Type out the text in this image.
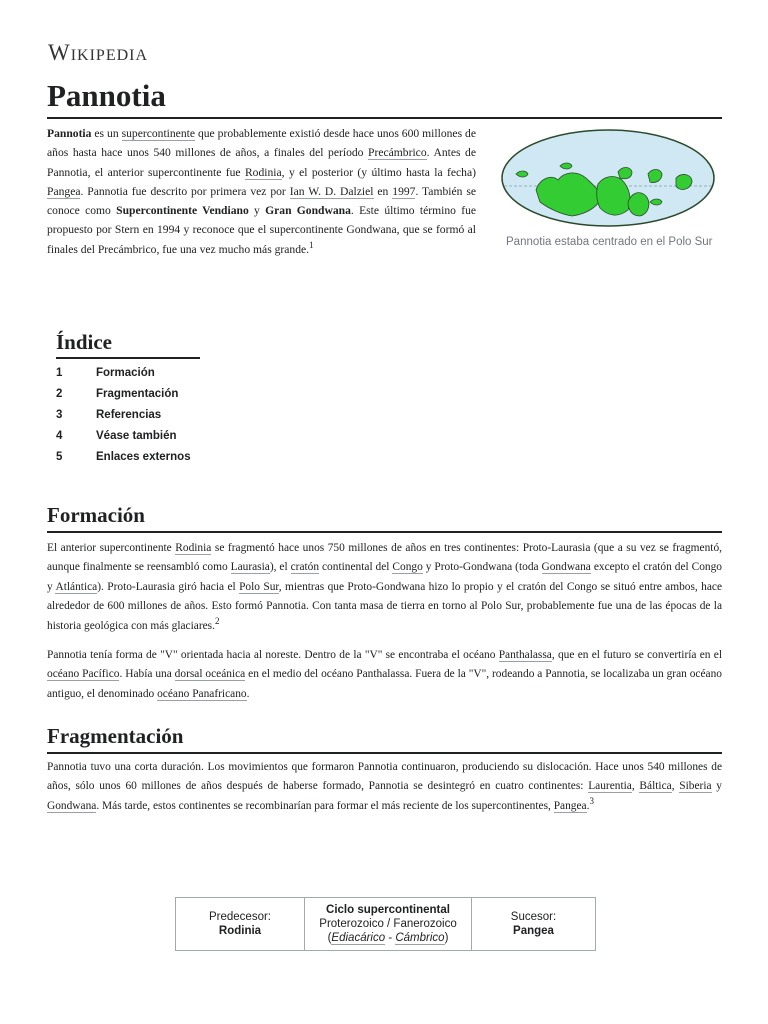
Wikipedia
Pannotia

Pannotia es un supercontinente que probablemente existió desde hace unos 600 millones de años hasta hace unos 540 millones de años, a finales del período Precámbrico. Antes de Pannotia, el anterior supercontinente fue Rodinia, y el posterior (y último hasta la fecha) Pangea. Pannotia fue descrito por primera vez por Ian W. D. Dalziel en 1997. También se conoce como Supercontinente Vendiano y Gran Gondwana. Este último término fue propuesto por Stern en 1994 y reconoce que el supercontinente Gondwana, que se formó al finales del Precámbrico, fue una vez mucho más grande.$^1$	Pannotia estaba centrado en el Polo Sur
Índice
1	Formación
2	Fragmentación
3	Referencias
4	Véase también
5	Enlaces externos
Formación

El anterior supercontinente Rodinia se fragmentó hace unos 750 millones de años en tres continentes: Proto-Laurasia (que a su vez se fragmentó, aunque finalmente se reensambló como Laurasia), el cratón continental del Congo y Proto-Gondwana (toda Gondwana excepto el cratón del Congo y Atlántica). Proto-Laurasia giró hacia el Polo Sur, mientras que Proto-Gondwana hizo lo propio y el cratón del Congo se situó entre ambos, hace alrededor de 600 millones de años. Esto formó Pannotia. Con tanta masa de tierra en torno al Polo Sur, probablemente fue una de las épocas de la historia geológica con más glaciares.$^2$

Pannotia tenía forma de "V" orientada hacia al noreste. Dentro de la "V" se encontraba el océano Panthalassa, que en el futuro se convertiría en el océano Pacífico. Había una dorsal oceánica en el medio del océano Panthalassa. Fuera de la "V", rodeando a Pannotia, se localizaba un gran océano antiguo, el denominado océano Panafricano.

Fragmentación

Pannotia tuvo una corta duración. Los movimientos que formaron Pannotia continuaron, produciendo su dislocación. Hace unos 540 millones de años, sólo unos 60 millones de años después de haberse formado, Pannotia se desintegró en cuatro continentes: Laurentia, Báltica, Siberia y Gondwana. Más tarde, estos continentes se recombinarían para formar el más reciente de los supercontinentes, Pangea.$^3$

Predecesor:
Rodinia
Ciclo supercontinental
Proterozoico / Fanerozoico
(Ediacárico - Cámbrico)
Sucesor:
Pangea
